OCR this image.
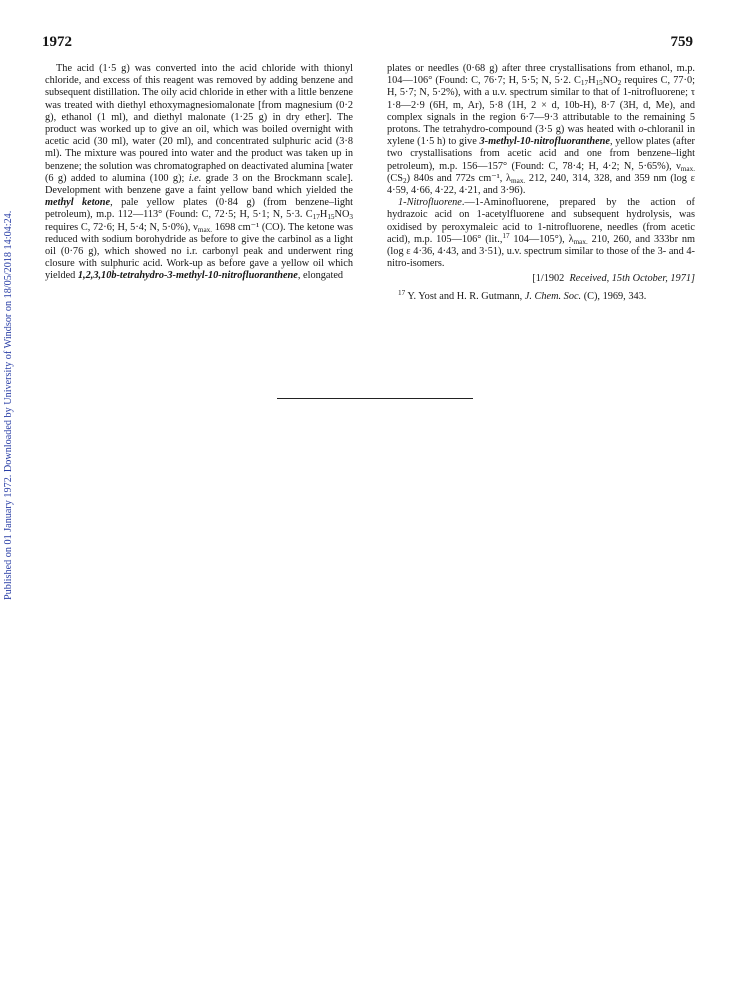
1972	759
Published on 01 January 1972. Downloaded by University of Windsor on 18/05/2018 14:04:24.

The acid (1·5 g) was converted into the acid chloride with thionyl chloride, and excess of this reagent was removed by adding benzene and subsequent distillation. The oily acid chloride in ether with a little benzene was treated with diethyl ethoxymagnesiomalonate [from magnesium (0·2 g), ethanol (1 ml), and diethyl malonate (1·25 g) in dry ether]. The product was worked up to give an oil, which was boiled overnight with acetic acid (30 ml), water (20 ml), and concentrated sulphuric acid (3·8 ml). The mixture was poured into water and the product was taken up in benzene; the solution was chromatographed on deactivated alumina [water (6 g) added to alumina (100 g); i.e. grade 3 on the Brockmann scale]. Development with benzene gave a faint yellow band which yielded the methyl ketone, pale yellow plates (0·84 g) (from benzene–light petroleum), m.p. 112—113° (Found: C, 72·5; H, 5·1; N, 5·3. $C_{17}H_{15}NO_3$ requires C, 72·6; H, 5·4; N, 5·0%), $\nu_{max.}$ 1698 cm⁻¹ (CO). The ketone was reduced with sodium borohydride as before to give the carbinol as a light oil (0·76 g), which showed no i.r. carbonyl peak and underwent ring closure with sulphuric acid. Work-up as before gave a yellow oil which yielded 1,2,3,10b-tetrahydro-3-methyl-10-nitrofluoranthene, elongated

plates or needles (0·68 g) after three crystallisations from ethanol, m.p. 104—106° (Found: C, 76·7; H, 5·5; N, 5·2. $C_{17}H_{15}NO_2$ requires C, 77·0; H, 5·7; N, 5·2%), with a u.v. spectrum similar to that of 1-nitrofluorene; τ 1·8—2·9 (6H, m, Ar), 5·8 (1H, 2 × d, 10b-H), 8·7 (3H, d, Me), and complex signals in the region 6·7—9·3 attributable to the remaining 5 protons. The tetrahydro-compound (3·5 g) was heated with o-chloranil in xylene (1·5 h) to give 3-methyl-10-nitrofluoranthene, yellow plates (after two crystallisations from acetic acid and one from benzene–light petroleum), m.p. 156—157° (Found: C, 78·4; H, 4·2; N, 5·65%), $\nu_{max.}$ $(CS_2)$ 840s and 772s cm⁻¹, $\lambda_{max.}$ 212, 240, 314, 328, and 359 nm (log ε 4·59, 4·66, 4·22, 4·21, and 3·96).

1-Nitrofluorene.—1-Aminofluorene, prepared by the action of hydrazoic acid on 1-acetylfluorene and subsequent hydrolysis, was oxidised by peroxymaleic acid to 1-nitrofluorene, needles (from acetic acid), m.p. 105—106° (lit.,$^{17}$ 104—105°), $\lambda_{max.}$ 210, 260, and 333br nm (log ε 4·36, 4·43, and 3·51), u.v. spectrum similar to those of the 3- and 4-nitro-isomers.

[1/1902 Received, 15th October, 1971]
$^{17}$ Y. Yost and H. R. Gutmann, J. Chem. Soc. (C), 1969, 343.
